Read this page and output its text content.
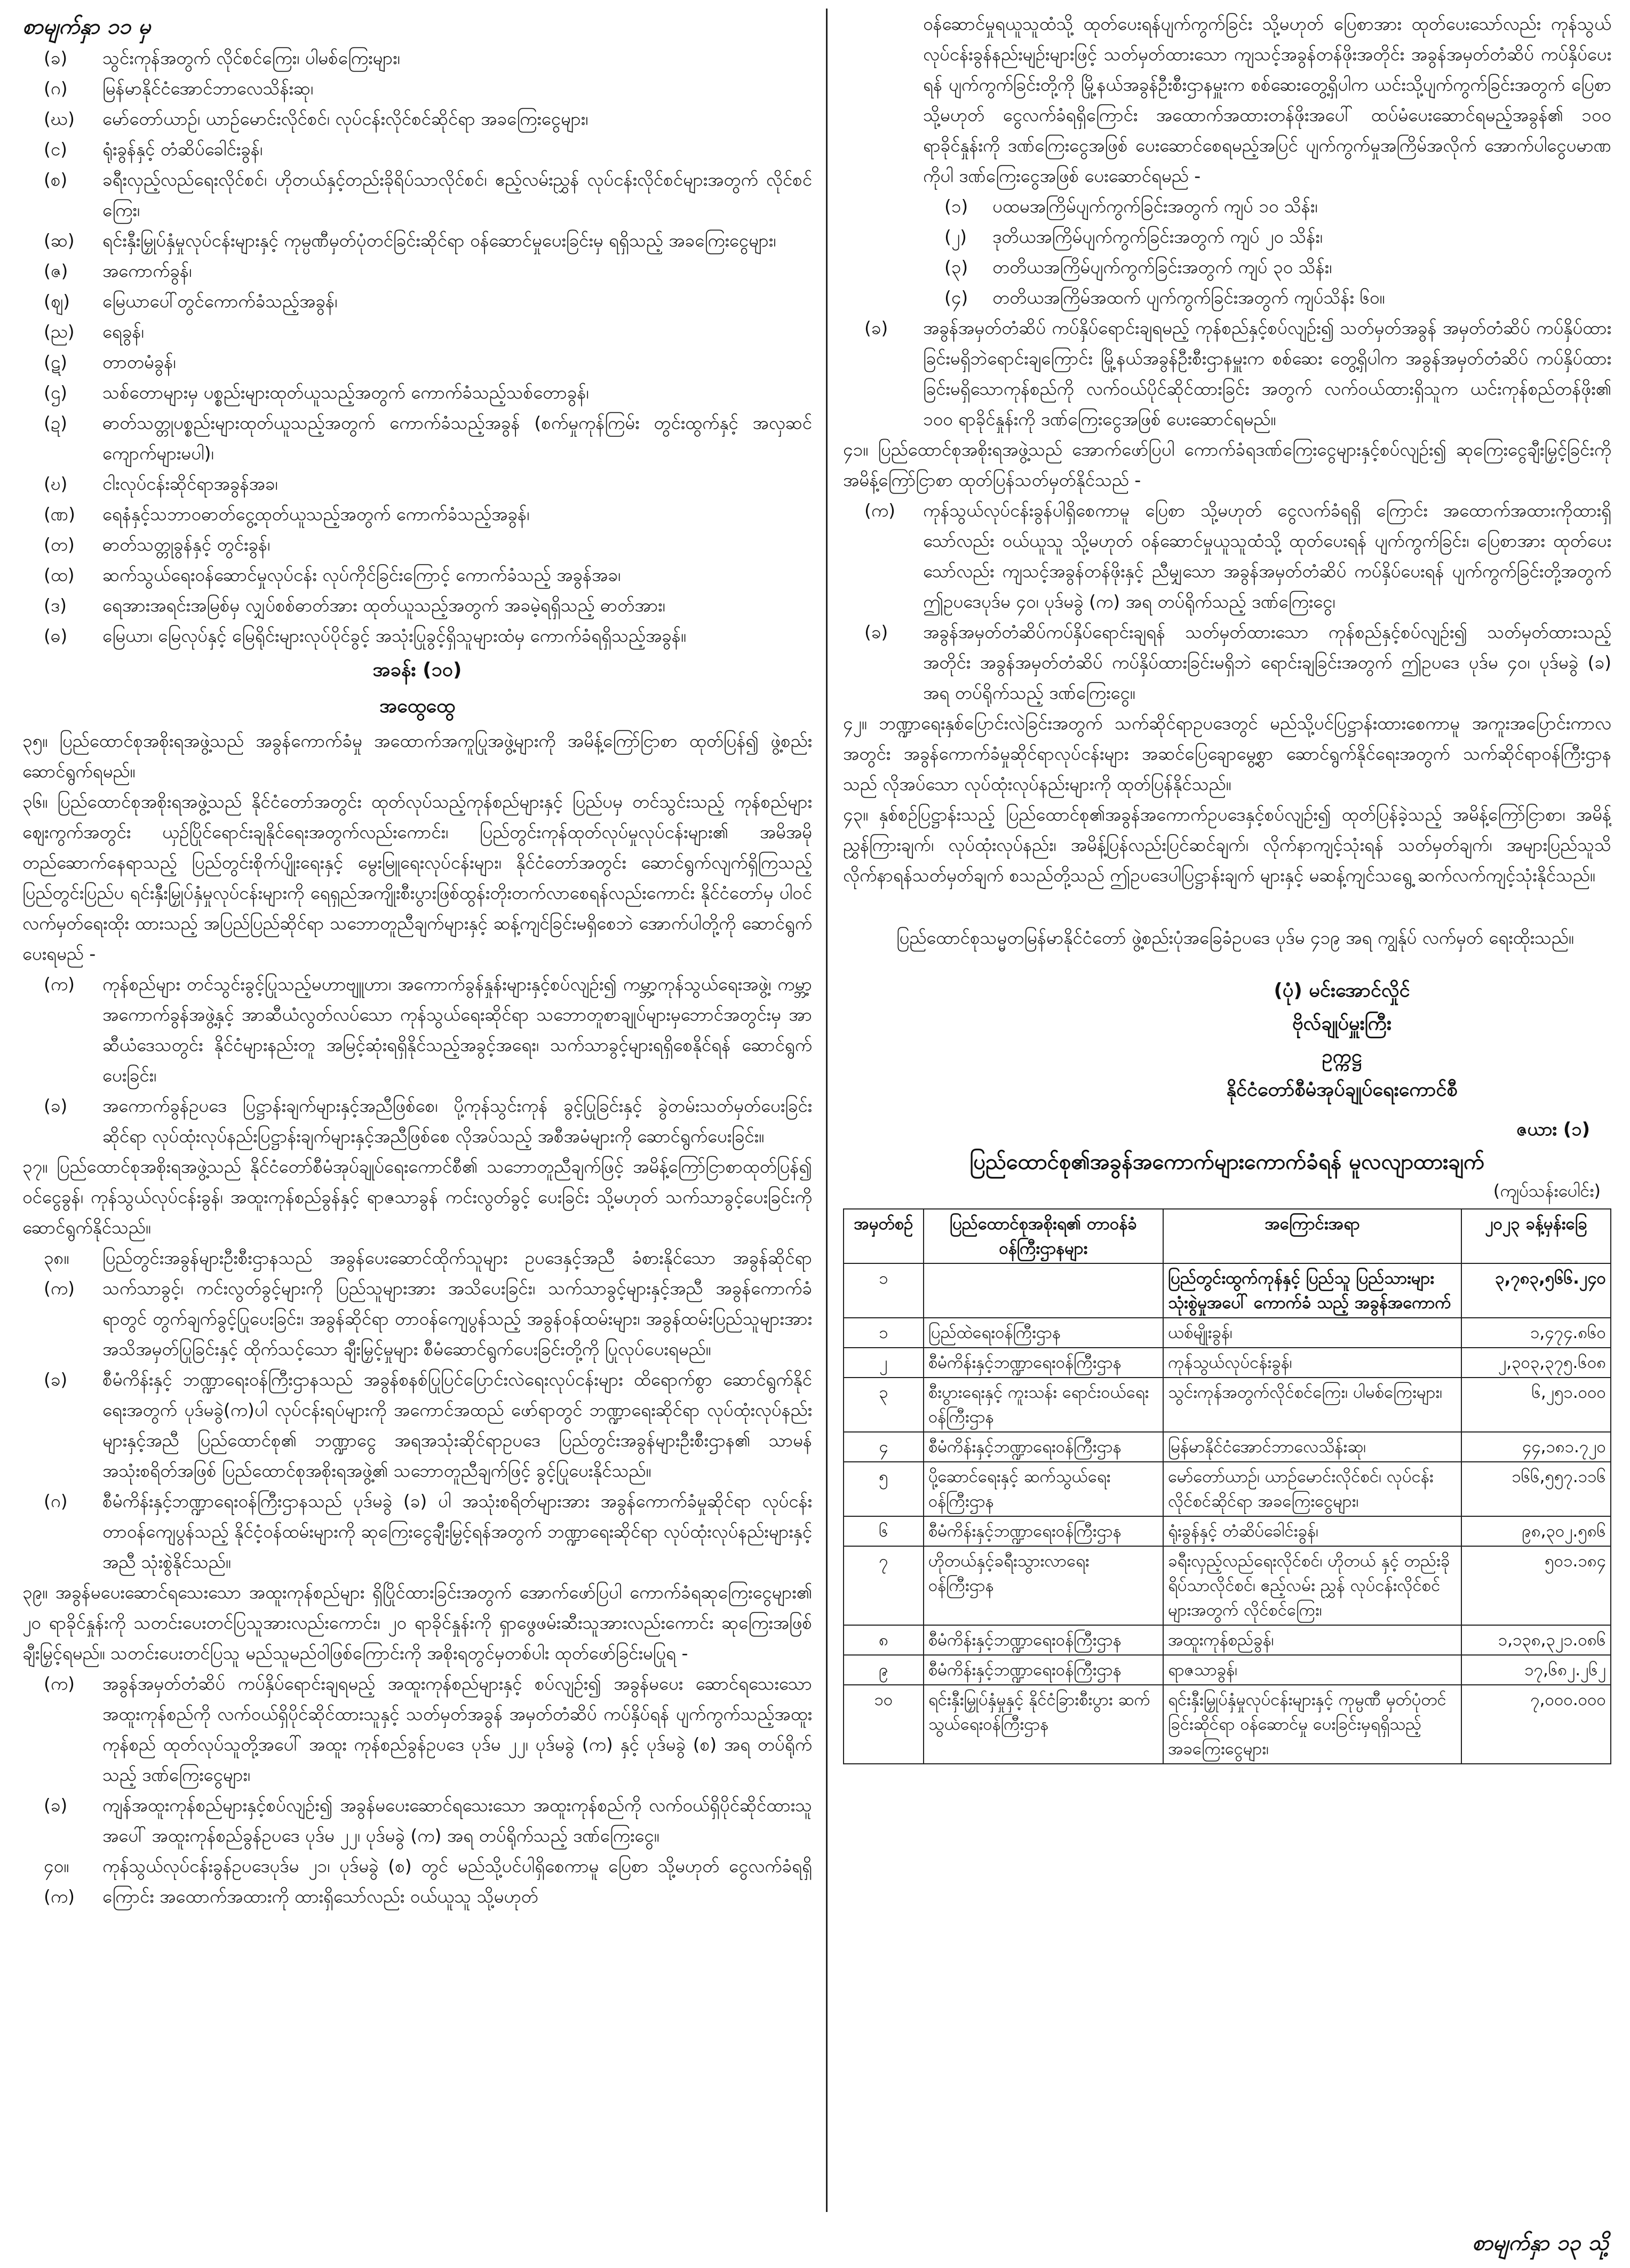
စာမျက်နှာ ၁၁ မှ
(ခ)	သွင်းကုန်အတွက် လိုင်စင်ကြေး၊ ပါမစ်ကြေးများ၊
(ဂ)	မြန်မာနိုင်ငံအောင်ဘာလေသိန်းဆု၊
(ဃ)	မော်တော်ယာဉ်၊ ယာဉ်မောင်းလိုင်စင်၊ လုပ်ငန်းလိုင်စင်ဆိုင်ရာ အခကြေးငွေများ၊
(င)	ရုံးခွန်နှင့် တံဆိပ်ခေါင်းခွန်၊
(စ)	ခရီးလှည့်လည်ရေးလိုင်စင်၊ ဟိုတယ်နှင့်တည်းခိုရိပ်သာလိုင်စင်၊ ဧည့်လမ်းညွှန် လုပ်ငန်းလိုင်စင်များအတွက် လိုင်စင်ကြေး၊
(ဆ)	ရင်းနှီးမြှုပ်နှံမှုလုပ်ငန်းများနှင့် ကုမ္ပဏီမှတ်ပုံတင်ခြင်းဆိုင်ရာ ဝန်ဆောင်မှုပေးခြင်းမှ ရရှိသည့် အခကြေးငွေများ၊
(ဇ)	အကောက်ခွန်၊
(ဈ)	မြေယာပေါ်တွင်ကောက်ခံသည့်အခွန်၊
(ည)	ရေခွန်၊
(ဋ)	တာတမံခွန်၊
(ဌ)	သစ်တောများမှ ပစ္စည်းများထုတ်ယူသည့်အတွက် ကောက်ခံသည့်သစ်တောခွန်၊
(ဍ)	ဓာတ်သတ္တုပစ္စည်းများထုတ်ယူသည့်အတွက် ကောက်ခံသည့်အခွန် (စက်မှုကုန်ကြမ်း တွင်းထွက်နှင့် အလှဆင်ကျောက်များမပါ)၊
(ဎ)	ငါးလုပ်ငန်းဆိုင်ရာအခွန်အခ၊
(ဏ)	ရေနံနှင့်သဘာဝဓာတ်ငွေ့ထုတ်ယူသည့်အတွက် ကောက်ခံသည့်အခွန်၊
(တ)	ဓာတ်သတ္တုခွန်နှင့် တွင်းခွန်၊
(ထ)	ဆက်သွယ်ရေးဝန်ဆောင်မှုလုပ်ငန်း လုပ်ကိုင်ခြင်းကြောင့် ကောက်ခံသည့် အခွန်အခ၊
(ဒ)	ရေအားအရင်းအမြစ်မှ လျှပ်စစ်ဓာတ်အား ထုတ်ယူသည့်အတွက် အခမဲ့ရရှိသည့် ဓာတ်အား၊
(ဓ)	မြေယာ၊ မြေလုပ်နှင့် မြေရိုင်းများလုပ်ပိုင်ခွင့် အသုံးပြုခွင့်ရှိသူများထံမှ ကောက်ခံရရှိသည့်အခွန်။
အခန်း (၁၀)
အထွေထွေ

၃၅။ ပြည်ထောင်စုအစိုးရအဖွဲ့သည် အခွန်ကောက်ခံမှု အထောက်အကူပြုအဖွဲ့များကို အမိန့်ကြော်ငြာစာ ထုတ်ပြန်၍ ဖွဲ့စည်းဆောင်ရွက်ရမည်။

၃၆။ ပြည်ထောင်စုအစိုးရအဖွဲ့သည် နိုင်ငံတော်အတွင်း ထုတ်လုပ်သည့်ကုန်စည်များနှင့် ပြည်ပမှ တင်သွင်းသည့် ကုန်စည်များ ဈေးကွက်အတွင်း ယှဉ်ပြိုင်ရောင်းချနိုင်ရေးအတွက်လည်းကောင်း၊ ပြည်တွင်းကုန်ထုတ်လုပ်မှုလုပ်ငန်းများ၏ အမိအမိုတည်ဆောက်နေရာသည့် ပြည်တွင်းစိုက်ပျိုးရေးနှင့် မွေးမြူရေးလုပ်ငန်းများ၊ နိုင်ငံတော်အတွင်း ဆောင်ရွက်လျက်ရှိကြသည့် ပြည်တွင်းပြည်ပ ရင်းနှီးမြှုပ်နှံမှုလုပ်ငန်းများကို ရေရှည်အကျိုးစီးပွားဖြစ်ထွန်းတိုးတက်လာစေရန်လည်းကောင်း နိုင်ငံတော်မှ ပါဝင်လက်မှတ်ရေးထိုး ထားသည့် အပြည်ပြည်ဆိုင်ရာ သဘောတူညီချက်များနှင့် ဆန့်ကျင်ခြင်းမရှိစေဘဲ အောက်ပါတို့ကို ဆောင်ရွက်ပေးရမည် -

(က)	ကုန်စည်များ တင်သွင်းခွင့်ပြုသည့်မဟာဗျူဟာ၊ အကောက်ခွန်နှုန်းများနှင့်စပ်လျဉ်း၍ ကမ္ဘာ့ကုန်သွယ်ရေးအဖွဲ့၊ ကမ္ဘာ့အကောက်ခွန်အဖွဲ့နှင့် အာဆီယံလွတ်လပ်သော ကုန်သွယ်ရေးဆိုင်ရာ သဘောတူစာချုပ်များမှဘောင်အတွင်းမှ အာဆီယံဒေသတွင်း နိုင်ငံများနည်းတူ အမြင့်ဆုံးရရှိနိုင်သည့်အခွင့်အရေး၊ သက်သာခွင့်များရရှိစေနိုင်ရန် ဆောင်ရွက်ပေးခြင်း၊
(ခ)	အကောက်ခွန်ဥပဒေ ပြဋ္ဌာန်းချက်များနှင့်အညီဖြစ်စေ၊ ပို့ကုန်သွင်းကုန် ခွင့်ပြုခြင်းနှင့် ခွဲတမ်းသတ်မှတ်ပေးခြင်းဆိုင်ရာ လုပ်ထုံးလုပ်နည်းပြဋ္ဌာန်းချက်များနှင့်အညီဖြစ်စေ လိုအပ်သည့် အစီအမံများကို ဆောင်ရွက်ပေးခြင်း။

၃၇။ ပြည်ထောင်စုအစိုးရအဖွဲ့သည် နိုင်ငံတော်စီမံအုပ်ချုပ်ရေးကောင်စီ၏ သဘောတူညီချက်ဖြင့် အမိန့်ကြော်ငြာစာထုတ်ပြန်၍ ဝင်ငွေခွန်၊ ကုန်သွယ်လုပ်ငန်းခွန်၊ အထူးကုန်စည်ခွန်နှင့် ရာဇသာခွန် ကင်းလွတ်ခွင့် ပေးခြင်း သို့မဟုတ် သက်သာခွင့်ပေးခြင်းကို ဆောင်ရွက်နိုင်သည်။

၃၈။ (က)
ပြည်တွင်းအခွန်များဦးစီးဌာနသည် အခွန်ပေးဆောင်ထိုက်သူများ ဥပဒေနှင့်အညီ ခံစားနိုင်သော အခွန်ဆိုင်ရာသက်သာခွင့်၊ ကင်းလွတ်ခွင့်များကို ပြည်သူများအား အသိပေးခြင်း၊ သက်သာခွင့်များနှင့်အညီ အခွန်ကောက်ခံရာတွင် တွက်ချက်ခွင့်ပြုပေးခြင်း၊ အခွန်ဆိုင်ရာ တာဝန်ကျေပွန်သည့် အခွန်ဝန်ထမ်းများ၊ အခွန်ထမ်းပြည်သူများအား အသိအမှတ်ပြုခြင်းနှင့် ထိုက်သင့်သော ချီးမြှင့်မှုများ စီမံဆောင်ရွက်ပေးခြင်းတို့ကို ပြုလုပ်ပေးရမည်။
(ခ)	စီမံကိန်းနှင့် ဘဏ္ဍာရေးဝန်ကြီးဌာနသည် အခွန်စနစ်ပြုပြင်ပြောင်းလဲရေးလုပ်ငန်းများ ထိရောက်စွာ ဆောင်ရွက်နိုင်ရေးအတွက် ပုဒ်မခွဲ(က)ပါ လုပ်ငန်းရပ်များကို အကောင်အထည် ဖော်ရာတွင် ဘဏ္ဍာရေးဆိုင်ရာ လုပ်ထုံးလုပ်နည်းများနှင့်အညီ ပြည်ထောင်စု၏ ဘဏ္ဍာငွေ အရအသုံးဆိုင်ရာဥပဒေ ပြည်တွင်းအခွန်များဦးစီးဌာန၏ သာမန်အသုံးစရိတ်အဖြစ် ပြည်ထောင်စုအစိုးရအဖွဲ့၏ သဘောတူညီချက်ဖြင့် ခွင့်ပြုပေးနိုင်သည်။
(ဂ)	စီမံကိန်းနှင့်ဘဏ္ဍာရေးဝန်ကြီးဌာနသည် ပုဒ်မခွဲ (ခ) ပါ အသုံးစရိတ်များအား အခွန်ကောက်ခံမှုဆိုင်ရာ လုပ်ငန်းတာဝန်ကျေပွန်သည့် နိုင်ငံ့ဝန်ထမ်းများကို ဆုကြေးငွေချီးမြှင့်ရန်အတွက် ဘဏ္ဍာရေးဆိုင်ရာ လုပ်ထုံးလုပ်နည်းများနှင့်အညီ သုံးစွဲနိုင်သည်။

၃၉။ အခွန်မပေးဆောင်ရသေးသော အထူးကုန်စည်များ ရှိပြိုင်ထားခြင်းအတွက် အောက်ဖော်ပြပါ ကောက်ခံရဆုကြေးငွေများ၏ ၂၀ ရာခိုင်နှုန်းကို သတင်းပေးတင်ပြသူအားလည်းကောင်း၊ ၂၀ ရာခိုင်နှုန်းကို ရှာဖွေဖမ်းဆီးသူအားလည်းကောင်း ဆုကြေးအဖြစ်ချီးမြှင့်ရမည်။ သတင်းပေးတင်ပြသူ မည်သူမည်ဝါဖြစ်ကြောင်းကို အစိုးရတွင်မှတစ်ပါး ထုတ်ဖော်ခြင်းမပြုရ -

(က)	အခွန်အမှတ်တံဆိပ် ကပ်နှိပ်ရောင်းချရမည့် အထူးကုန်စည်များနှင့် စပ်လျဉ်း၍ အခွန်မပေး ဆောင်ရသေးသော အထူးကုန်စည်ကို လက်ဝယ်ရှိပိုင်ဆိုင်ထားသူနှင့် သတ်မှတ်အခွန် အမှတ်တံဆိပ် ကပ်နှိပ်ရန် ပျက်ကွက်သည့်အထူးကုန်စည် ထုတ်လုပ်သူတို့အပေါ် အထူး ကုန်စည်ခွန်ဥပဒေ ပုဒ်မ ၂၂၊ ပုဒ်မခွဲ (က) နှင့် ပုဒ်မခွဲ (စ) အရ တပ်ရိုက်သည့် ဒဏ်ကြေးငွေများ၊
(ခ)	ကျန်အထူးကုန်စည်များနှင့်စပ်လျဉ်း၍ အခွန်မပေးဆောင်ရသေးသော အထူးကုန်စည်ကို လက်ဝယ်ရှိပိုင်ဆိုင်ထားသူအပေါ် အထူးကုန်စည်ခွန်ဥပဒေ ပုဒ်မ ၂၂၊ ပုဒ်မခွဲ (က) အရ တပ်ရိုက်သည့် ဒဏ်ကြေးငွေ။
၄၀။ (က)
ကုန်သွယ်လုပ်ငန်းခွန်ဥပဒေပုဒ်မ ၂၁၊ ပုဒ်မခွဲ (စ) တွင် မည်သို့ပင်ပါရှိစေကာမူ ပြေစာ သို့မဟုတ် ငွေလက်ခံရရှိကြောင်း အထောက်အထားကို ထားရှိသော်လည်း ဝယ်ယူသူ သို့မဟုတ်

ဝန်ဆောင်မှုရယူသူထံသို့ ထုတ်ပေးရန်ပျက်ကွက်ခြင်း သို့မဟုတ် ပြေစာအား ထုတ်ပေးသော်လည်း ကုန်သွယ်လုပ်ငန်းခွန်နည်းမျဉ်းများဖြင့် သတ်မှတ်ထားသော ကျသင့်အခွန်တန်ဖိုးအတိုင်း အခွန်အမှတ်တံဆိပ် ကပ်နှိပ်ပေးရန် ပျက်ကွက်ခြင်းတို့ကို မြို့နယ်အခွန်ဦးစီးဌာနမှူးက စစ်ဆေးတွေ့ရှိပါက ယင်းသို့ပျက်ကွက်ခြင်းအတွက် ပြေစာ သို့မဟုတ် ငွေလက်ခံရရှိကြောင်း အထောက်အထားတန်ဖိုးအပေါ် ထပ်မံပေးဆောင်ရမည့်အခွန်၏ ၁၀၀ ရာခိုင်နှုန်းကို ဒဏ်ကြေးငွေအဖြစ် ပေးဆောင်စေရမည့်အပြင် ပျက်ကွက်မှုအကြိမ်အလိုက် အောက်ပါငွေပမာဏကိုပါ ဒဏ်ကြေးငွေအဖြစ် ပေးဆောင်ရမည် -

(၁)	ပထမအကြိမ်ပျက်ကွက်ခြင်းအတွက် ကျပ် ၁၀ သိန်း၊
(၂)	ဒုတိယအကြိမ်ပျက်ကွက်ခြင်းအတွက် ကျပ် ၂၀ သိန်း၊
(၃)	တတိယအကြိမ်ပျက်ကွက်ခြင်းအတွက် ကျပ် ၃၀ သိန်း၊
(၄)	တတိယအကြိမ်အထက် ပျက်ကွက်ခြင်းအတွက် ကျပ်သိန်း ၆၀။
(ခ)	အခွန်အမှတ်တံဆိပ် ကပ်နှိပ်ရောင်းချရမည့် ကုန်စည်နှင့်စပ်လျဉ်း၍ သတ်မှတ်အခွန် အမှတ်တံဆိပ် ကပ်နှိပ်ထားခြင်းမရှိဘဲရောင်းချကြောင်း မြို့နယ်အခွန်ဦးစီးဌာနမှူးက စစ်ဆေး တွေ့ရှိပါက အခွန်အမှတ်တံဆိပ် ကပ်နှိပ်ထားခြင်းမရှိသောကုန်စည်ကို လက်ဝယ်ပိုင်ဆိုင်ထားခြင်း အတွက် လက်ဝယ်ထားရှိသူက ယင်းကုန်စည်တန်ဖိုး၏ ၁၀၀ ရာခိုင်နှုန်းကို ဒဏ်ကြေးငွေအဖြစ် ပေးဆောင်ရမည်။

၄၁။ ပြည်ထောင်စုအစိုးရအဖွဲ့သည် အောက်ဖော်ပြပါ ကောက်ခံရဒဏ်ကြေးငွေများနှင့်စပ်လျဉ်း၍ ဆုကြေးငွေချီးမြှင့်ခြင်းကို အမိန့်ကြော်ငြာစာ ထုတ်ပြန်သတ်မှတ်နိုင်သည် -

(က)	ကုန်သွယ်လုပ်ငန်းခွန်ပါရှိစေကာမူ ပြေစာ သို့မဟုတ် ငွေလက်ခံရရှိ ကြောင်း အထောက်အထားကိုထားရှိသော်လည်း ဝယ်ယူသူ သို့မဟုတ် ဝန်ဆောင်မှုယူသူထံသို့ ထုတ်ပေးရန် ပျက်ကွက်ခြင်း၊ ပြေစာအား ထုတ်ပေးသော်လည်း ကျသင့်အခွန်တန်ဖိုးနှင့် ညီမျှသော အခွန်အမှတ်တံဆိပ် ကပ်နှိပ်ပေးရန် ပျက်ကွက်ခြင်းတို့အတွက် ဤဥပဒေပုဒ်မ ၄၀၊ ပုဒ်မခွဲ (က) အရ တပ်ရိုက်သည့် ဒဏ်ကြေးငွေ၊
(ခ)	အခွန်အမှတ်တံဆိပ်ကပ်နှိပ်ရောင်းချရန် သတ်မှတ်ထားသော ကုန်စည်နှင့်စပ်လျဉ်း၍ သတ်မှတ်ထားသည့်အတိုင်း အခွန်အမှတ်တံဆိပ် ကပ်နှိပ်ထားခြင်းမရှိဘဲ ရောင်းချခြင်းအတွက် ဤဥပဒေ ပုဒ်မ ၄၀၊ ပုဒ်မခွဲ (ခ) အရ တပ်ရိုက်သည့် ဒဏ်ကြေးငွေ။

၄၂။ ဘဏ္ဍာရေးနှစ်ပြောင်းလဲခြင်းအတွက် သက်ဆိုင်ရာဥပဒေတွင် မည်သို့ပင်ပြဋ္ဌာန်းထားစေကာမူ အကူးအပြောင်းကာလအတွင်း အခွန်ကောက်ခံမှုဆိုင်ရာလုပ်ငန်းများ အဆင်ပြေချောမွေ့စွာ ဆောင်ရွက်နိုင်ရေးအတွက် သက်ဆိုင်ရာဝန်ကြီးဌာနသည် လိုအပ်သော လုပ်ထုံးလုပ်နည်းများကို ထုတ်ပြန်နိုင်သည်။

၄၃။ နှစ်စဉ်ပြဋ္ဌာန်းသည့် ပြည်ထောင်စု၏အခွန်အကောက်ဥပဒေနှင့်စပ်လျဉ်း၍ ထုတ်ပြန်ခဲ့သည့် အမိန့်ကြော်ငြာစာ၊ အမိန့်ညွှန်ကြားချက်၊ လုပ်ထုံးလုပ်နည်း၊ အမိန့်ပြန်လည်းပြင်ဆင်ချက်၊ လိုက်နာကျင့်သုံးရန် သတ်မှတ်ချက်၊ အများပြည်သူသိလိုက်နာရန်သတ်မှတ်ချက် စသည်တို့သည် ဤဥပဒေပါပြဋ္ဌာန်းချက် များနှင့် မဆန့်ကျင်သရွေ့ ဆက်လက်ကျင့်သုံးနိုင်သည်။

ပြည်ထောင်စုသမ္မတမြန်မာနိုင်ငံတော် ဖွဲ့စည်းပုံအခြေခံဥပဒေ ပုဒ်မ ၄၁၉ အရ ကျွန်ုပ် လက်မှတ် ရေးထိုးသည်။

(ပုံ) မင်းအောင်လှိုင်
ဗိုလ်ချုပ်မှူးကြီး
ဥက္ကဋ္ဌ
နိုင်ငံတော်စီမံအုပ်ချုပ်ရေးကောင်စီ
ဇယား (၁)
ပြည်ထောင်စု၏အခွန်အကောက်များကောက်ခံရန် မူလလျာထားချက်
(ကျပ်သန်းပေါင်း)
အမှတ်စဉ်	ပြည်ထောင်စုအစိုးရ၏ တာဝန်ခံဝန်ကြီးဌာနများ	အကြောင်းအရာ	၂၀၂၃ ခန့်မှန်းခြေ
၁		ပြည်တွင်းထွက်ကုန်နှင့် ပြည်သူ ပြည်သားများ သုံးစွဲမှုအပေါ် ကောက်ခံ သည့် အခွန်အကောက်	၃,၇၈၃,၅၆၆.၂၄၀
၁	ပြည်ထဲရေးဝန်ကြီးဌာန	ယစ်မျိုးခွန်၊	၁,၄၇၄.၈၆၀
၂	စီမံကိန်းနှင့်ဘဏ္ဍာရေးဝန်ကြီးဌာန	ကုန်သွယ်လုပ်ငန်းခွန်၊	၂,၃၀၃,၃၇၅.၆၀၈
၃	စီးပွားရေးနှင့် ကူးသန်း ရောင်းဝယ်ရေးဝန်ကြီးဌာန	သွင်းကုန်အတွက်လိုင်စင်ကြေး၊ ပါမစ်ကြေးများ၊	၆,၂၅၁.၀၀၀
၄	စီမံကိန်းနှင့်ဘဏ္ဍာရေးဝန်ကြီးဌာန	မြန်မာနိုင်ငံအောင်ဘာလေသိန်းဆု၊	၄၄,၁၈၁.၇၂၀
၅	ပို့ဆောင်ရေးနှင့် ဆက်သွယ်ရေး ဝန်ကြီးဌာန	မော်တော်ယာဉ်၊ ယာဉ်မောင်းလိုင်စင်၊ လုပ်ငန်းလိုင်စင်ဆိုင်ရာ အခကြေးငွေများ၊	၁၆၆,၅၅၇.၁၁၆
၆	စီမံကိန်းနှင့်ဘဏ္ဍာရေးဝန်ကြီးဌာန	ရုံးခွန်နှင့် တံဆိပ်ခေါင်းခွန်၊	၉၈,၃၀၂.၅၈၆
၇	ဟိုတယ်နှင့်ခရီးသွားလာရေး ဝန်ကြီးဌာန	ခရီးလှည့်လည်ရေးလိုင်စင်၊ ဟိုတယ် နှင့် တည်းခိုရိပ်သာလိုင်စင်၊ ဧည့်လမ်း ညွှန် လုပ်ငန်းလိုင်စင်များအတွက် လိုင်စင်ကြေး၊	၅၀၁.၁၈၄
၈	စီမံကိန်းနှင့်ဘဏ္ဍာရေးဝန်ကြီးဌာန	အထူးကုန်စည်ခွန်၊	၁,၁၃၈,၃၂၁.၀၈၆
၉	စီမံကိန်းနှင့်ဘဏ္ဍာရေးဝန်ကြီးဌာန	ရာဇသာခွန်၊	၁၇,၆၈၂.၂၆၂
၁၀	ရင်းနှီးမြှုပ်နှံမှုနှင့် နိုင်ငံခြားစီးပွား ဆက်သွယ်ရေးဝန်ကြီးဌာန	ရင်းနှီးမြှုပ်နှံမှုလုပ်ငန်းများနှင့် ကုမ္ပဏီ မှတ်ပုံတင်ခြင်းဆိုင်ရာ ဝန်ဆောင်မှု ပေးခြင်းမှရရှိသည့် အခကြေးငွေများ၊	၇,၀၀၀.၀၀၀
စာမျက်နှာ ၁၃ သို့
